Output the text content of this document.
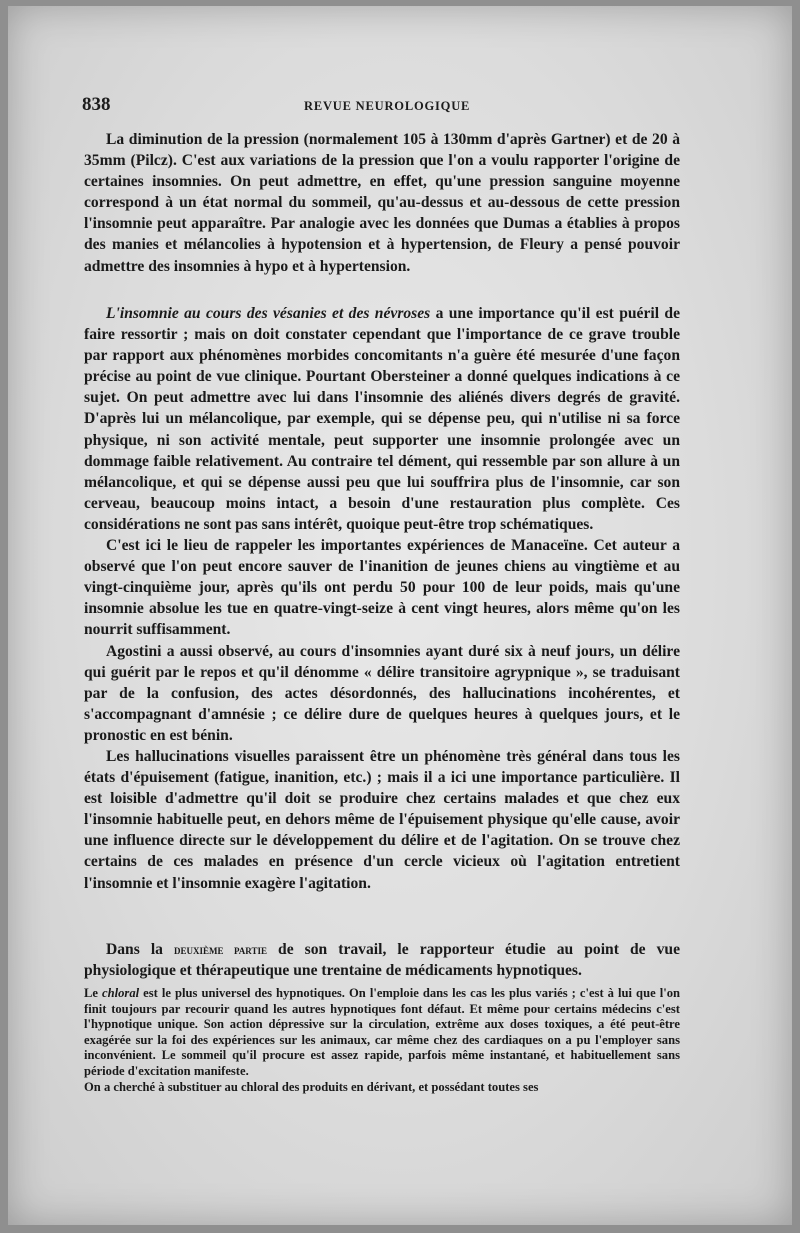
838	REVUE NEUROLOGIQUE

La diminution de la pression (normalement 105 à 130mm d'après Gartner) et de 20 à 35mm (Pilcz). C'est aux variations de la pression que l'on a voulu rapporter l'origine de certaines insomnies. On peut admettre, en effet, qu'une pression sanguine moyenne correspond à un état normal du sommeil, qu'au-dessus et au-dessous de cette pression l'insomnie peut apparaître. Par analogie avec les données que Dumas a établies à propos des manies et mélancolies à hypotension et à hypertension, de Fleury a pensé pouvoir admettre des insomnies à hypo et à hypertension.

L'insomnie au cours des vésanies et des névroses a une importance qu'il est puéril de faire ressortir ; mais on doit constater cependant que l'importance de ce grave trouble par rapport aux phénomènes morbides concomitants n'a guère été mesurée d'une façon précise au point de vue clinique. Pourtant Obersteiner a donné quelques indications à ce sujet. On peut admettre avec lui dans l'insomnie des aliénés divers degrés de gravité. D'après lui un mélancolique, par exemple, qui se dépense peu, qui n'utilise ni sa force physique, ni son activité mentale, peut supporter une insomnie prolongée avec un dommage faible relativement. Au contraire tel dément, qui ressemble par son allure à un mélancolique, et qui se dépense aussi peu que lui souffrira plus de l'insomnie, car son cerveau, beaucoup moins intact, a besoin d'une restauration plus complète. Ces considérations ne sont pas sans intérêt, quoique peut-être trop schématiques.

C'est ici le lieu de rappeler les importantes expériences de Manaceïne. Cet auteur a observé que l'on peut encore sauver de l'inanition de jeunes chiens au vingtième et au vingt-cinquième jour, après qu'ils ont perdu 50 pour 100 de leur poids, mais qu'une insomnie absolue les tue en quatre-vingt-seize à cent vingt heures, alors même qu'on les nourrit suffisamment.

Agostini a aussi observé, au cours d'insomnies ayant duré six à neuf jours, un délire qui guérit par le repos et qu'il dénomme « délire transitoire agrypnique », se traduisant par de la confusion, des actes désordonnés, des hallucinations incohérentes, et s'accompagnant d'amnésie ; ce délire dure de quelques heures à quelques jours, et le pronostic en est bénin.

Les hallucinations visuelles paraissent être un phénomène très général dans tous les états d'épuisement (fatigue, inanition, etc.) ; mais il a ici une importance particulière. Il est loisible d'admettre qu'il doit se produire chez certains malades et que chez eux l'insomnie habituelle peut, en dehors même de l'épuisement physique qu'elle cause, avoir une influence directe sur le développement du délire et de l'agitation. On se trouve chez certains de ces malades en présence d'un cercle vicieux où l'agitation entretient l'insomnie et l'insomnie exagère l'agitation.

Dans la deuxième partie de son travail, le rapporteur étudie au point de vue physiologique et thérapeutique une trentaine de médicaments hypnotiques.

Le chloral est le plus universel des hypnotiques. On l'emploie dans les cas les plus variés ; c'est à lui que l'on finit toujours par recourir quand les autres hypnotiques font défaut. Et même pour certains médecins c'est l'hypnotique unique. Son action dépressive sur la circulation, extrême aux doses toxiques, a été peut-être exagérée sur la foi des expériences sur les animaux, car même chez des cardiaques on a pu l'employer sans inconvénient. Le sommeil qu'il procure est assez rapide, parfois même instantané, et habituellement sans période d'excitation manifeste.

On a cherché à substituer au chloral des produits en dérivant, et possédant toutes ses
